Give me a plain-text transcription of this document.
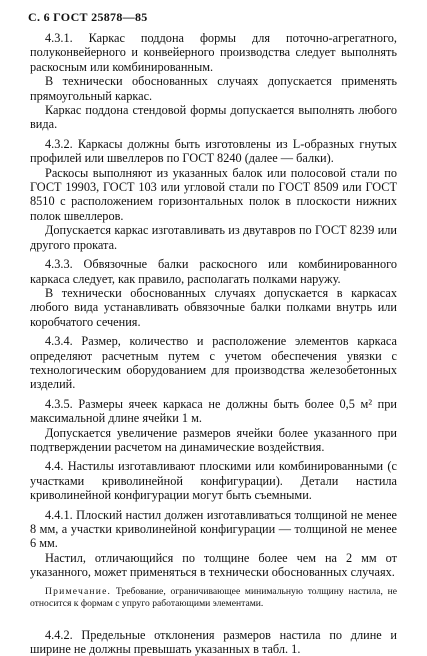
С. 6 ГОСТ 25878—85

4.3.1. Каркас поддона формы для поточно-агрегатного, полуконвейерного и конвейерного производства следует выполнять раскосным или комбинированным.

В технически обоснованных случаях допускается применять прямоугольный каркас.

Каркас поддона стендовой формы допускается выполнять любого вида.

4.3.2. Каркасы должны быть изготовлены из L-образных гнутых профилей или швеллеров по ГОСТ 8240 (далее — балки).

Раскосы выполняют из указанных балок или полосовой стали по ГОСТ 19903, ГОСТ 103 или угловой стали по ГОСТ 8509 или ГОСТ 8510 с расположением горизонтальных полок в плоскости нижних полок швеллеров.

Допускается каркас изготавливать из двутавров по ГОСТ 8239 или другого проката.

4.3.3. Обвязочные балки раскосного или комбинированного каркаса следует, как правило, располагать полками наружу.

В технически обоснованных случаях допускается в каркасах любого вида устанавливать обвязочные балки полками внутрь или коробчатого сечения.

4.3.4. Размер, количество и расположение элементов каркаса определяют расчетным путем с учетом обеспечения увязки с технологическим оборудованием для производства железобетонных изделий.

4.3.5. Размеры ячеек каркаса не должны быть более 0,5 м² при максимальной длине ячейки 1 м.

Допускается увеличение размеров ячейки более указанного при подтверждении расчетом на динамические воздействия.

4.4. Настилы изготавливают плоскими или комбинированными (с участками криволинейной конфигурации). Детали настила криволинейной конфигурации могут быть съемными.

4.4.1. Плоский настил должен изготавливаться толщиной не менее 8 мм, а участки криволинейной конфигурации — толщиной не менее 6 мм.

Настил, отличающийся по толщине более чем на 2 мм от указанного, может применяться в технически обоснованных случаях.

Примечание. Требование, ограничивающее минимальную толщину настила, не относится к формам с упруго работающими элементами.

4.4.2. Предельные отклонения размеров настила по длине и ширине не должны превышать указанных в табл. 1.
